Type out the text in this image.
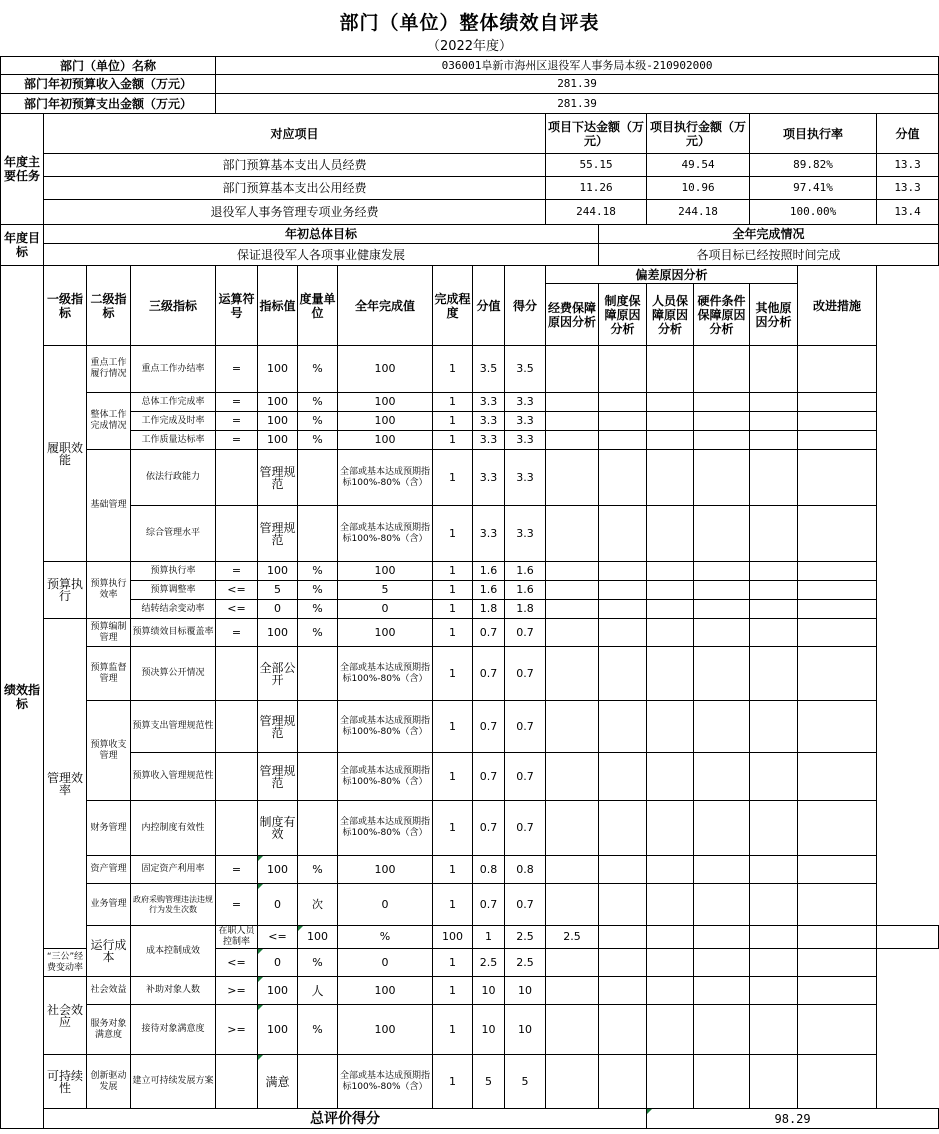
部门（单位）整体绩效自评表
（2022年度）
部门（单位）名称				036001阜新市海州区退役军人事务局本级-210902000														
部门年初预算收入金额（万元）				281.39														
部门年初预算支出金额（万元）				281.39														
年度主要任务	对应项目										项目下达金额（万元）		项目执行金额（万元）		项目执行率		分值	
	部门预算基本支出人员经费										55.15		49.54		89.82%		13.3	
	部门预算基本支出公用经费										11.26		10.96		97.41%		13.3	
	退役军人事务管理专项业务经费										244.18		244.18		100.00%		13.4	
年度目标	年初总体目标											全年完成情况						
	保证退役军人各项事业健康发展											各项目标已经按照时间完成						
绩效指标	一级指标	二级指标	三级指标	运算符号	指标值	度量单位	全年完成值	完成程度	分值	得分	偏差原因分析					改进措施		
											经费保障原因分析	制度保障原因分析	人员保障原因分析	硬件条件保障原因分析	其他原因分析			

	履职效能	重点工作履行情况	重点工作办结率	=	100	%	100	1	3.5	3.5								
		整体工作完成情况	总体工作完成率	=	100	%	100	1	3.3	3.3								
			工作完成及时率	=	100	%	100	1	3.3	3.3								
			工作质量达标率	=	100	%	100	1	3.3	3.3								
		基础管理	依法行政能力		管理规范		全部或基本达成预期指标100%-80%（含）	1	3.3	3.3								
			综合管理水平		管理规范		全部或基本达成预期指标100%-80%（含）	1	3.3	3.3								
	预算执行	预算执行效率	预算执行率	=	100	%	100	1	1.6	1.6								
			预算调整率	<=	5	%	5	1	1.6	1.6								
			结转结余变动率	<=	0	%	0	1	1.8	1.8								
	管理效率	预算编制管理	预算绩效目标覆盖率	=	100	%	100	1	0.7	0.7								
		预算监督管理	预决算公开情况		全部公开		全部或基本达成预期指标100%-80%（含）	1	0.7	0.7								
		预算收支管理	预算支出管理规范性		管理规范		全部或基本达成预期指标100%-80%（含）	1	0.7	0.7								
			预算收入管理规范性		管理规范		全部或基本达成预期指标100%-80%（含）	1	0.7	0.7								
		财务管理	内控制度有效性		制度有效		全部或基本达成预期指标100%-80%（含）	1	0.7	0.7								
		资产管理	固定资产利用率	=	100	%	100	1	0.8	0.8								
		业务管理	政府采购管理违法违规行为发生次数	=	0	次	0	1	0.7	0.7								
		运行成本	成本控制成效	在职人员控制率	<=	100	%	100	1	2.5	2.5							
	“三公”经费变动率			<=	0	%	0	1	2.5	2.5								
	社会效应	社会效益	补助对象人数	>=	100	人	100	1	10	10								
		服务对象满意度	接待对象满意度	>=	100	%	100	1	10	10								
	可持续性	创新驱动发展	建立可持续发展方案		满意		全部或基本达成预期指标100%-80%（含）	1	5	5								
	总评价得分												98.29					
